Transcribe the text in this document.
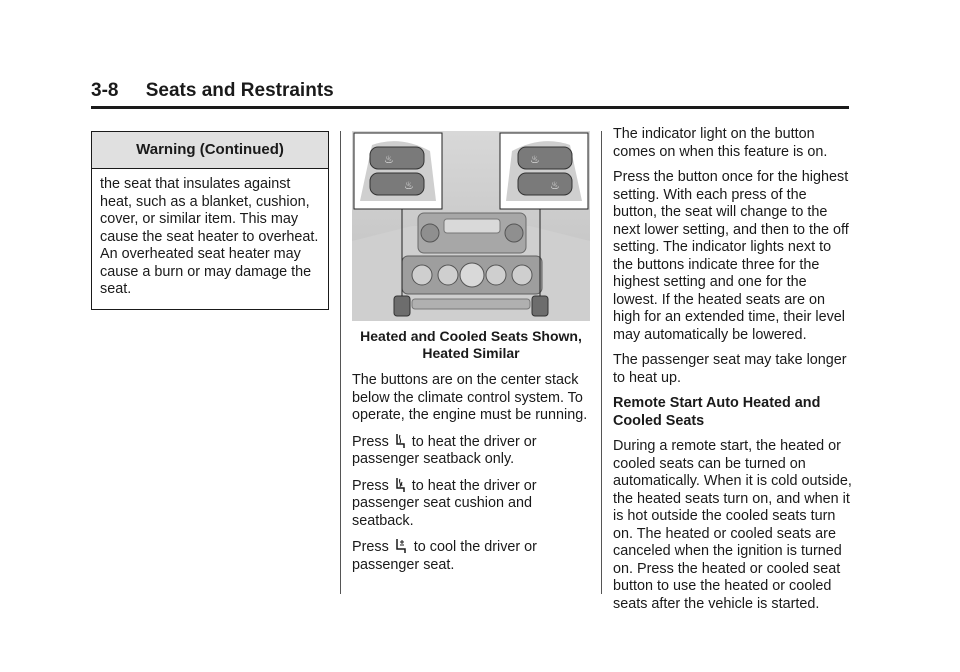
3-8 Seats and Restraints
Warning (Continued)
the seat that insulates against heat, such as a blanket, cushion, cover, or similar item. This may cause the seat heater to overheat. An overheated seat heater may cause a burn or may damage the seat.
♨
♨
♨
♨
Heated and Cooled Seats Shown,
Heated Similar

The buttons are on the center stack below the climate control system. To operate, the engine must be running.

Press to heat the driver or passenger seatback only.

Press to heat the driver or passenger seat cushion and seatback.

Press to cool the driver or passenger seat.

The indicator light on the button comes on when this feature is on.

Press the button once for the highest setting. With each press of the button, the seat will change to the next lower setting, and then to the off setting. The indicator lights next to the buttons indicate three for the highest setting and one for the lowest. If the heated seats are on high for an extended time, their level may automatically be lowered.

The passenger seat may take longer to heat up.

Remote Start Auto Heated and Cooled Seats

During a remote start, the heated or cooled seats can be turned on automatically. When it is cold outside, the heated seats turn on, and when it is hot outside the cooled seats turn on. The heated or cooled seats are canceled when the ignition is turned on. Press the heated or cooled seat button to use the heated or cooled seats after the vehicle is started.
